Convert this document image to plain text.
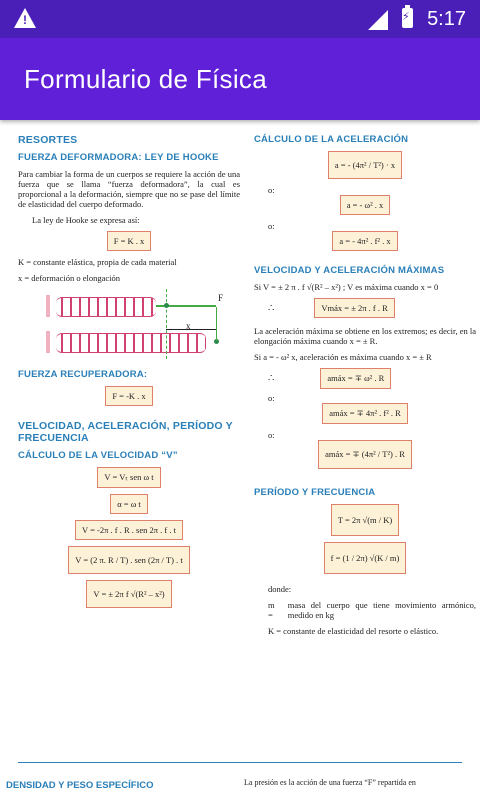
!
⚡
5:17
Formulario de Física
RESORTES
FUERZA DEFORMADORA: LEY DE HOOKE

Para cambiar la forma de un cuerpos se requiere la acción de una fuerza que se llama “fuerza deformadora”, la cual es proporcional a la deformación, siempre que no se pase del límite de elasticidad del cuerpo deformado.

La ley de Hooke se expresa así:

F = K . x

K = constante elástica, propia de cada material

x = deformación o elongación

F
x
FUERZA RECUPERADORA:
F = -K . x
VELOCIDAD, ACELERACIÓN, PERÍODO Y FRECUENCIA
CÁLCULO DE LA VELOCIDAD “V”
V = Vₜ sen ω t
α = ω t
V = -2π . f . R . sen 2π . f . t
V = (2 π. R / T) . sen (2π / T) . t
V = ± 2π f √(R² – x²)
CÁLCULO DE LA ACELERACIÓN
a = - (4π² / T²) · x
o:
a = - ω² . x
o:
a = - 4π² . f² . x
VELOCIDAD Y ACELERACIÓN MÁXIMAS

Si V = ± 2 π . f √(R² – x²) ; V es máxima cuando x = 0

∴	Vmáx = ± 2π . f . R

La aceleración máxima se obtiene en los extremos; es decir, en la elongación máxima cuando x = ± R.

Si a = - ω² x, aceleración es máxima cuando x = ± R

∴	amáx = ∓ ω² . R
o:
amáx = ∓ 4π² . f² . R
o:
amáx = ∓ (4π² / T²) . R
PERÍODO Y FRECUENCIA
T = 2π √(m / K)
f = (1 / 2π) √(K / m)

donde:

m =

masa del cuerpo que tiene movimiento armónico, medido en kg

K = constante de elasticidad del resorte o elástico.

DENSIDAD Y PESO ESPECÍFICO	La presión es la acción de una fuerza “F” repartida en
